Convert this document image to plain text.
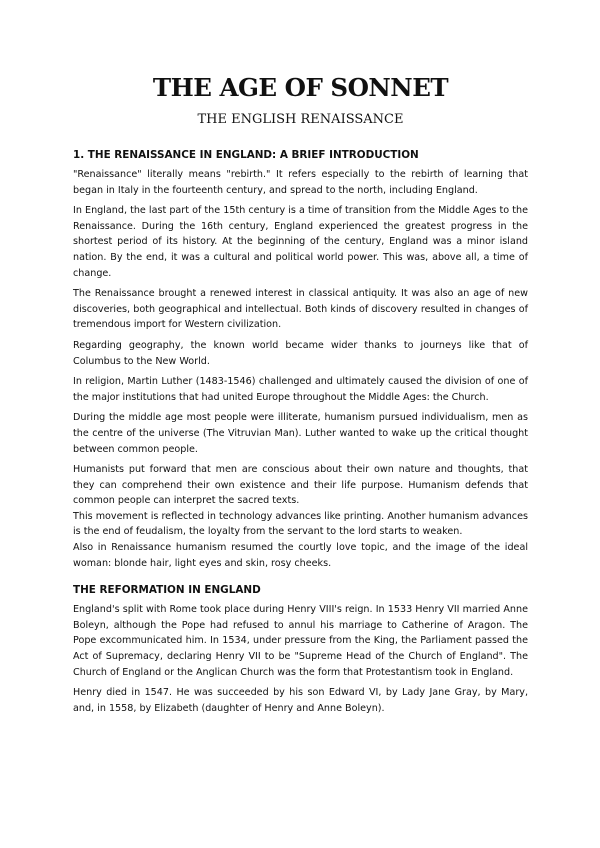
THE AGE OF SONNET
THE ENGLISH RENAISSANCE
1. THE RENAISSANCE IN ENGLAND: A BRIEF INTRODUCTION

"Renaissance" literally means "rebirth." It refers especially to the rebirth of learning that began in Italy in the fourteenth century, and spread to the north, including England.

In England, the last part of the 15th century is a time of transition from the Middle Ages to the Renaissance. During the 16th century, England experienced the greatest progress in the shortest period of its history. At the beginning of the century, England was a minor island nation. By the end, it was a cultural and political world power. This was, above all, a time of change.

The Renaissance brought a renewed interest in classical antiquity. It was also an age of new discoveries, both geographical and intellectual. Both kinds of discovery resulted in changes of tremendous import for Western civilization.

Regarding geography, the known world became wider thanks to journeys like that of Columbus to the New World.

In religion, Martin Luther (1483-1546) challenged and ultimately caused the division of one of the major institutions that had united Europe throughout the Middle Ages: the Church.

During the middle age most people were illiterate, humanism pursued individualism, men as the centre of the universe (The Vitruvian Man). Luther wanted to wake up the critical thought between common people.

Humanists put forward that men are conscious about their own nature and thoughts, that they can comprehend their own existence and their life purpose. Humanism defends that common people can interpret the sacred texts.

This movement is reflected in technology advances like printing. Another humanism advances is the end of feudalism, the loyalty from the servant to the lord starts to weaken.

Also in Renaissance humanism resumed the courtly love topic, and the image of the ideal woman: blonde hair, light eyes and skin, rosy cheeks.

THE REFORMATION IN ENGLAND

England's split with Rome took place during Henry VIII's reign. In 1533 Henry VII married Anne Boleyn, although the Pope had refused to annul his marriage to Catherine of Aragon. The Pope excommunicated him. In 1534, under pressure from the King, the Parliament passed the Act of Supremacy, declaring Henry VII to be "Supreme Head of the Church of England". The Church of England or the Anglican Church was the form that Protestantism took in England.

Henry died in 1547. He was succeeded by his son Edward VI, by Lady Jane Gray, by Mary, and, in 1558, by Elizabeth (daughter of Henry and Anne Boleyn).
